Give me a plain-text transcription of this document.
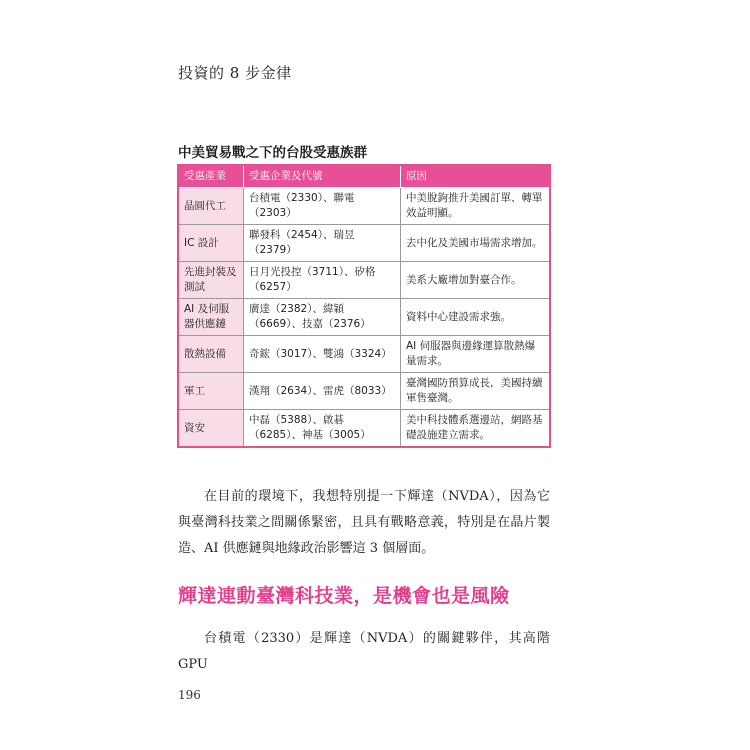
投資的 8 步金律
中美貿易戰之下的台股受惠族群
受惠產業	受惠企業及代號	原因
晶圓代工	台積電（2330）、聯電（2303）	中美脫鉤推升美國訂單、轉單效益明顯。
IC 設計	聯發科（2454）、瑞昱（2379）	去中化及美國市場需求增加。
先進封裝及測試	日月光投控（3711）、矽格（6257）	美系大廠增加對臺合作。
AI 及伺服器供應鏈	廣達（2382）、緯穎（6669）、技嘉（2376）	資料中心建設需求強。
散熱設備	奇鋐（3017）、雙鴻（3324）	AI 伺服器與邊緣運算散熱爆量需求。
軍工	漢翔（2634）、雷虎（8033）	臺灣國防預算成長，美國持續軍售臺灣。
資安	中磊（5388）、啟碁（6285）、神基（3005）	美中科技體系選邊站，網路基礎設施建立需求。
在目前的環境下，我想特別提一下輝達（NVDA），因為它與臺灣科技業之間關係緊密，且具有戰略意義，特別是在晶片製造、AI 供應鏈與地緣政治影響這 3 個層面。
輝達連動臺灣科技業，是機會也是風險
台積電（2330）是輝達（NVDA）的關鍵夥伴，其高階 GPU
196
